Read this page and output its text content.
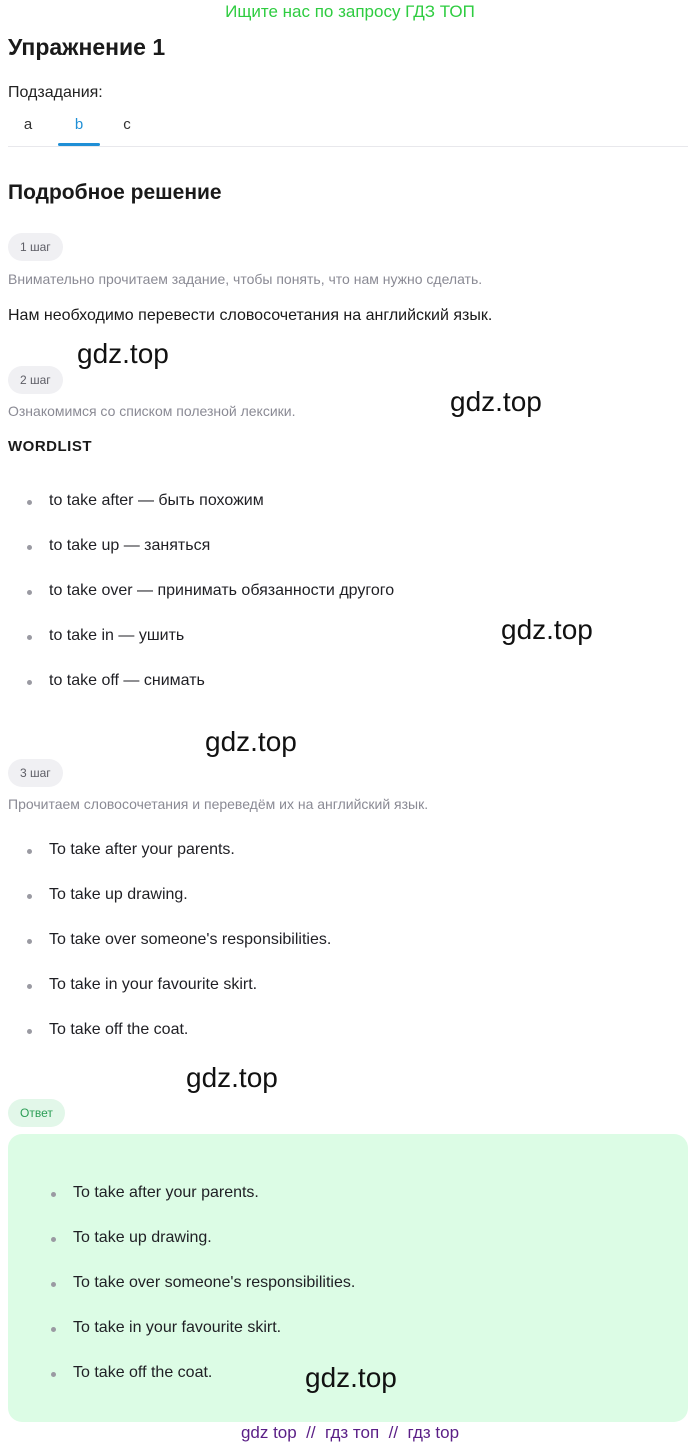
Ищите нас по запросу ГДЗ ТОП
Упражнение 1
Подзадания:
a	b	c
Подробное решение
1 шаг
Внимательно прочитаем задание, чтобы понять, что нам нужно сделать.
Нам необходимо перевести словосочетания на английский язык.
2 шаг
Ознакомимся со списком полезной лексики.
WORDLIST
to take after — быть похожим
to take up — заняться
to take over — принимать обязанности другого
to take in — ушить
to take off — снимать
3 шаг
Прочитаем словосочетания и переведём их на английский язык.
To take after your parents.
To take up drawing.
To take over someone's responsibilities.
To take in your favourite skirt.
To take off the coat.
Ответ
To take after your parents.
To take up drawing.
To take over someone's responsibilities.
To take in your favourite skirt.
To take off the coat.
gdz.top
gdz.top
gdz.top
gdz.top
gdz.top
gdz.top
gdz top  //  гдз топ  //  гдз top
